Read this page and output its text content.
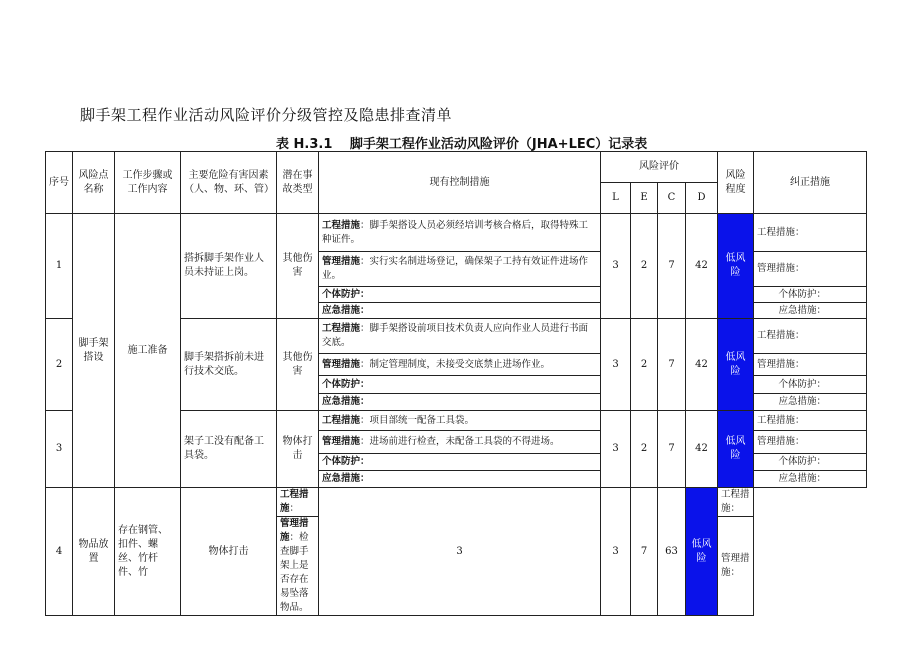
脚手架工程作业活动风险评价分级管控及隐患排查清单
表 H.3.1　 脚手架工程作业活动风险评价（JHA+LEC）记录表
序号	风险点名称	工作步骤或工作内容	主要危险有害因素（人、物、环、管）	潜在事故类型	现有控制措施	风险评价				风险程度	纠正措施
						L	E	C	D		
1	脚手架搭设	施工准备	搭拆脚手架作业人员未持证上岗。	其他伤害	工程措施：脚手架搭设人员必须经培训考核合格后，取得特殊工种证件。	3	2	7	42	低风险	工程措施：
					管理措施：实行实名制进场登记，确保架子工持有效证件进场作业。						管理措施：
					个体防护：						个体防护：
					应急措施：						应急措施：
2			脚手架搭拆前未进行技术交底。	其他伤害	工程措施：脚手架搭设前项目技术负责人应向作业人员进行书面交底。	3	2	7	42	低风险	工程措施：
					管理措施：制定管理制度，未接受交底禁止进场作业。						管理措施：
					个体防护：						个体防护：
					应急措施：						应急措施：
3			架子工没有配备工具袋。	物体打击	工程措施：项目部统一配备工具袋。	3	2	7	42	低风险	工程措施：
					管理措施：进场前进行检查，未配备工具袋的不得进场。						管理措施：
					个体防护：						个体防护：
					应急措施：						应急措施：
4	物品放置	存在钢管、扣件、螺丝、竹杆件、竹	物体打击	工程措施：	3	3	7	63	低风险	工程措施：	
				管理措施：检查脚手架上是否存在易坠落物品。						管理措施：	
